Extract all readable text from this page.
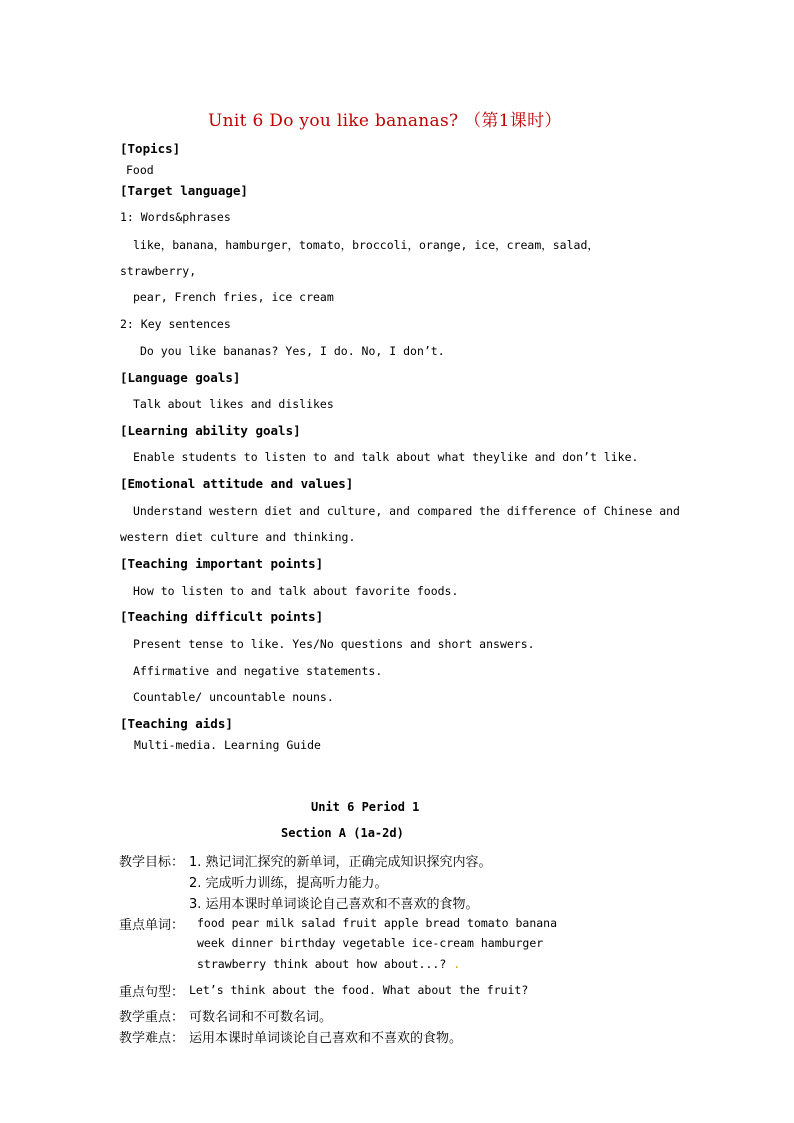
Unit 6 Do you like bananas? （第1课时）
[Topics]
Food
[Target language]
1: Words&phrases
like，banana，hamburger，tomato，broccoli，orange, ice，cream，salad，
strawberry,
pear, French fries, ice cream
2: Key sentences
Do you like bananas? Yes, I do. No, I don’t.
[Language goals]
Talk about likes and dislikes
[Learning ability goals]
Enable students to listen to and talk about what theylike and don’t like.
[Emotional attitude and values]
Understand western diet and culture, and compared the difference of Chinese and
western diet culture and thinking.
[Teaching important points]
How to listen to and talk about favorite foods.
[Teaching difficult points]
Present tense to like. Yes/No questions and short answers.
Affirmative and negative statements.
Countable/ uncountable nouns.
[Teaching aids]
Multi-media. Learning Guide
Unit 6 Period 1
Section A (1a-2d)
教学目标： 1. 熟记词汇探究的新单词，正确完成知识探究内容。
2. 完成听力训练，提高听力能力。
3. 运用本课时单词谈论自己喜欢和不喜欢的食物。
重点单词： food pear milk salad fruit apple bread tomato banana
week dinner birthday vegetable ice-cream hamburger
strawberry think about how about...? .
重点句型： Let’s think about the food. What about the fruit?
教学重点： 可数名词和不可数名词。
教学难点： 运用本课时单词谈论自己喜欢和不喜欢的食物。
